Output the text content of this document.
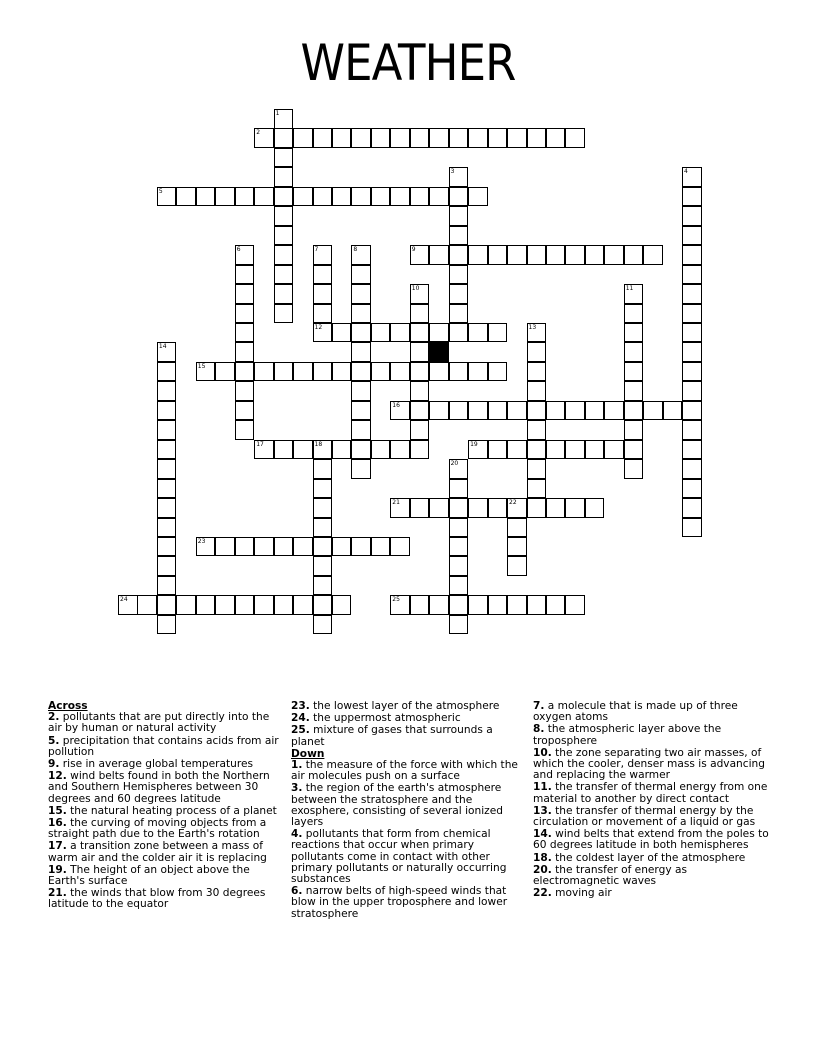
WEATHER
2
5
9
12
15
16
17	18	19
21	22
23
24	25
1
3	4
6	7	8
10	11
13
14
20
Across
2. pollutants that are put directly into the air by human or natural activity
5. precipitation that contains acids from air pollution
9. rise in average global temperatures
12. wind belts found in both the Northern and Southern Hemispheres between 30 degrees and 60 degrees latitude
15. the natural heating process of a planet
16. the curving of moving objects from a straight path due to the Earth's rotation
17. a transition zone between a mass of warm air and the colder air it is replacing
19. The height of an object above the Earth's surface
21. the winds that blow from 30 degrees latitude to the equator
23. the lowest layer of the atmosphere
24. the uppermost atmospheric
25. mixture of gases that surrounds a planet
Down
1. the measure of the force with which the air molecules push on a surface
3. the region of the earth's atmosphere between the stratosphere and the exosphere, consisting of several ionized layers
4. pollutants that form from chemical reactions that occur when primary pollutants come in contact with other primary pollutants or naturally occurring substances
6. narrow belts of high-speed winds that blow in the upper troposphere and lower stratosphere
7. a molecule that is made up of three oxygen atoms
8. the atmospheric layer above the troposphere
10. the zone separating two air masses, of which the cooler, denser mass is advancing and replacing the warmer
11. the transfer of thermal energy from one material to another by direct contact
13. the transfer of thermal energy by the circulation or movement of a liquid or gas
14. wind belts that extend from the poles to 60 degrees latitude in both hemispheres
18. the coldest layer of the atmosphere
20. the transfer of energy as electromagnetic waves
22. moving air
